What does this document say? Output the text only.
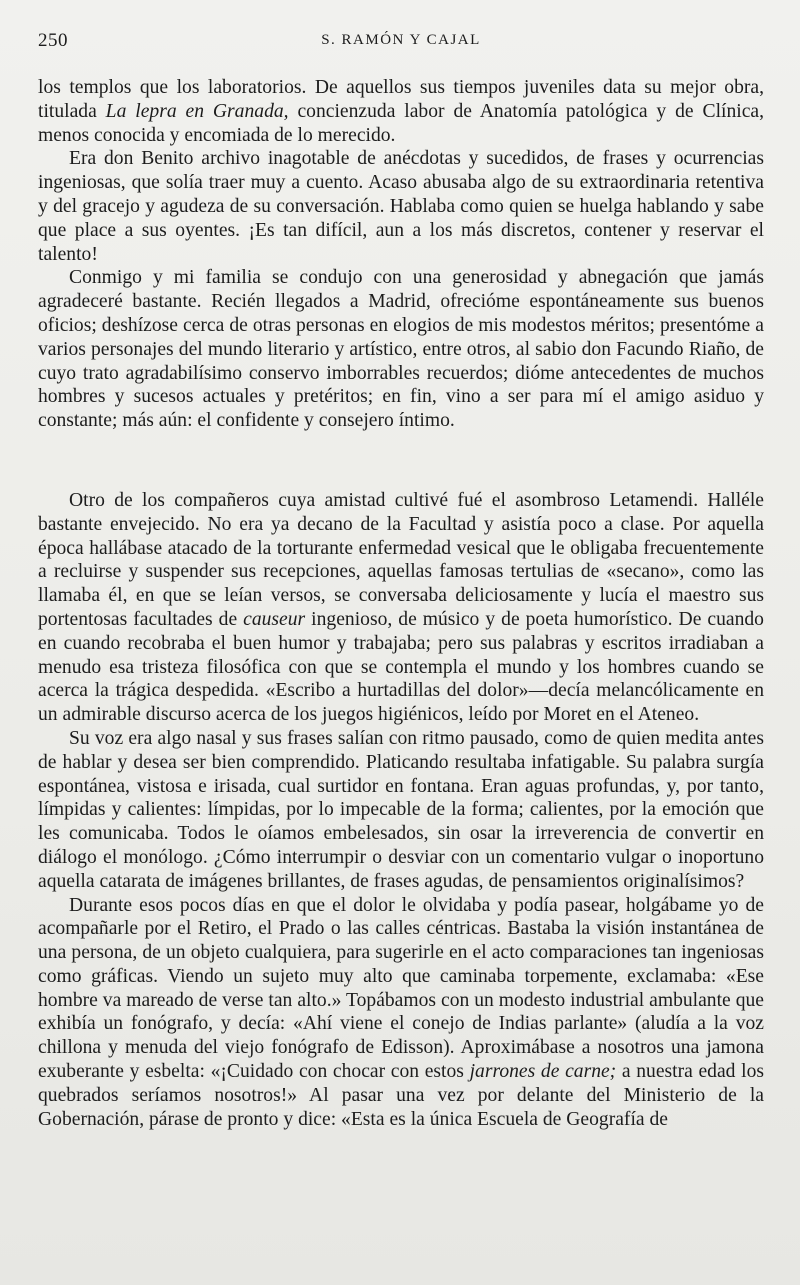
250	S. RAMÓN Y CAJAL

los templos que los laboratorios. De aquellos sus tiempos juveniles data su mejor obra, titulada La lepra en Granada, concienzuda labor de Anatomía patológica y de Clínica, menos conocida y encomiada de lo merecido.

Era don Benito archivo inagotable de anécdotas y sucedidos, de frases y ocurrencias ingeniosas, que solía traer muy a cuento. Acaso abusaba algo de su extraordinaria retentiva y del gracejo y agudeza de su conversación. Hablaba como quien se huelga hablando y sabe que place a sus oyentes. ¡Es tan difícil, aun a los más discretos, contener y reservar el talento!

Conmigo y mi familia se condujo con una generosidad y abnegación que jamás agradeceré bastante. Recién llegados a Madrid, ofrecióme espontáneamente sus buenos oficios; deshízose cerca de otras personas en elogios de mis modestos méritos; presentóme a varios personajes del mundo literario y artístico, entre otros, al sabio don Facundo Riaño, de cuyo trato agradabilísimo conservo imborrables recuerdos; dióme antecedentes de muchos hombres y sucesos actuales y pretéritos; en fin, vino a ser para mí el amigo asiduo y constante; más aún: el confidente y consejero íntimo.

Otro de los compañeros cuya amistad cultivé fué el asombroso Letamendi. Halléle bastante envejecido. No era ya decano de la Facultad y asistía poco a clase. Por aquella época hallábase atacado de la torturante enfermedad vesical que le obligaba frecuentemente a recluirse y suspender sus recepciones, aquellas famosas tertulias de «secano», como las llamaba él, en que se leían versos, se conversaba deliciosamente y lucía el maestro sus portentosas facultades de causeur ingenioso, de músico y de poeta humorístico. De cuando en cuando recobraba el buen humor y trabajaba; pero sus palabras y escritos irradiaban a menudo esa tristeza filosófica con que se contempla el mundo y los hombres cuando se acerca la trágica despedida. «Escribo a hurtadillas del dolor»—decía melancólicamente en un admirable discurso acerca de los juegos higiénicos, leído por Moret en el Ateneo.

Su voz era algo nasal y sus frases salían con ritmo pausado, como de quien medita antes de hablar y desea ser bien comprendido. Platicando resultaba infatigable. Su palabra surgía espontánea, vistosa e irisada, cual surtidor en fontana. Eran aguas profundas, y, por tanto, límpidas y calientes: límpidas, por lo impecable de la forma; calientes, por la emoción que les comunicaba. Todos le oíamos embelesados, sin osar la irreverencia de convertir en diálogo el monólogo. ¿Cómo interrumpir o desviar con un comentario vulgar o inoportuno aquella catarata de imágenes brillantes, de frases agudas, de pensamientos originalísimos?

Durante esos pocos días en que el dolor le olvidaba y podía pasear, holgábame yo de acompañarle por el Retiro, el Prado o las calles céntricas. Bastaba la visión instantánea de una persona, de un objeto cualquiera, para sugerirle en el acto comparaciones tan ingeniosas como gráficas. Viendo un sujeto muy alto que caminaba torpemente, exclamaba: «Ese hombre va mareado de verse tan alto.» Topábamos con un modesto industrial ambulante que exhibía un fonógrafo, y decía: «Ahí viene el conejo de Indias parlante» (aludía a la voz chillona y menuda del viejo fonógrafo de Edisson). Aproximábase a nosotros una jamona exuberante y esbelta: «¡Cuidado con chocar con estos jarrones de carne; a nuestra edad los quebrados seríamos nosotros!» Al pasar una vez por delante del Ministerio de la Gobernación, párase de pronto y dice: «Esta es la única Escuela de Geografía de
